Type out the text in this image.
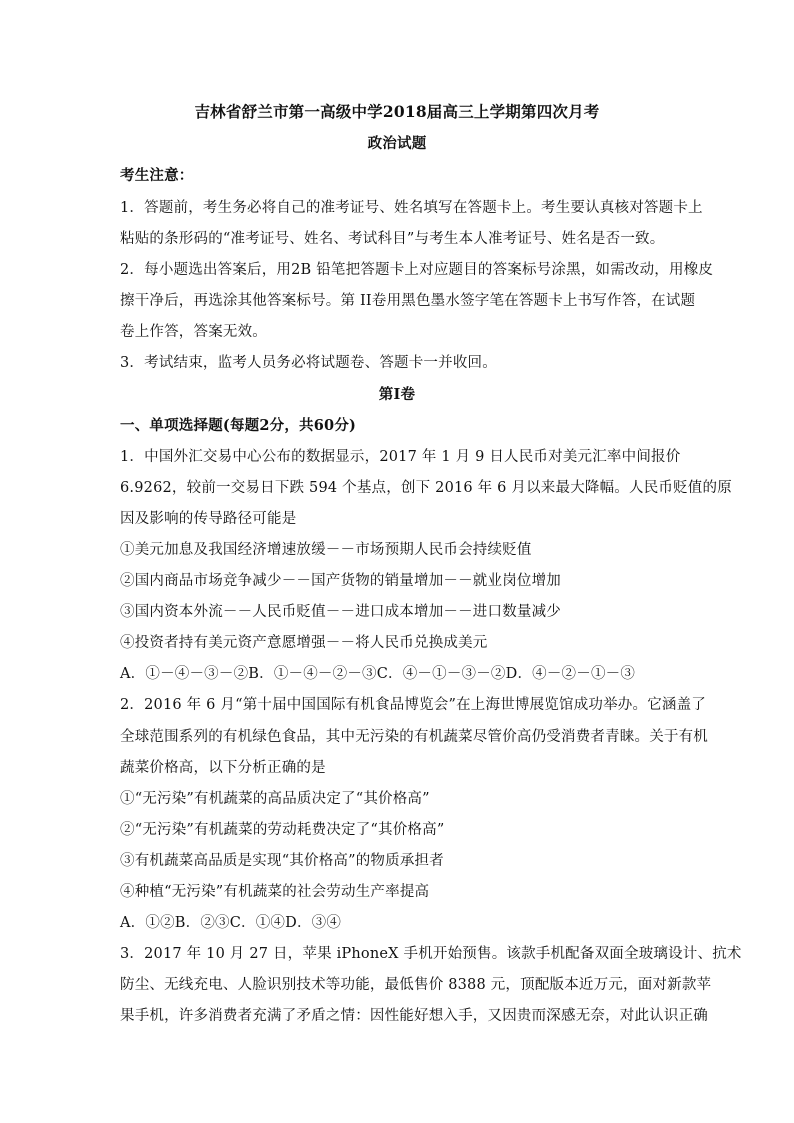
吉林省舒兰市第一高级中学2018届高三上学期第四次月考
政治试题
考生注意：
1．答题前，考生务必将自己的准考证号、姓名填写在答题卡上。考生要认真核对答题卡上
粘贴的条形码的“准考证号、姓名、考试科目”与考生本人准考证号、姓名是否一致。
2．每小题选出答案后，用2B 铅笔把答题卡上对应题目的答案标号涂黑，如需改动，用橡皮
擦干净后，再选涂其他答案标号。第 II卷用黑色墨水签字笔在答题卡上书写作答，在试题
卷上作答，答案无效。
3．考试结束，监考人员务必将试题卷、答题卡一并收回。
第Ⅰ卷
一、单项选择题(每题2分，共60分)
1．中国外汇交易中心公布的数据显示，2017 年 1 月 9 日人民币对美元汇率中间报价
6.9262，较前一交易日下跌 594 个基点，创下 2016 年 6 月以来最大降幅。人民币贬值的原
因及影响的传导路径可能是
①美元加息及我国经济增速放缓－－市场预期人民币会持续贬值
②国内商品市场竞争减少－－国产货物的销量增加－－就业岗位增加
③国内资本外流－－人民币贬值－－进口成本增加－－进口数量减少
④投资者持有美元资产意愿增强－－将人民币兑换成美元
A．①－④－③－②B．①－④－②－③C．④－①－③－②D．④－②－①－③
2．2016 年 6 月“第十届中国国际有机食品博览会”在上海世博展览馆成功举办。它涵盖了
全球范围系列的有机绿色食品，其中无污染的有机蔬菜尽管价高仍受消费者青睐。关于有机
蔬菜价格高，以下分析正确的是
①“无污染”有机蔬菜的高品质决定了“其价格高”
②“无污染”有机蔬菜的劳动耗费决定了“其价格高”
③有机蔬菜高品质是实现“其价格高”的物质承担者
④种植“无污染”有机蔬菜的社会劳动生产率提高
A．①②B．②③C．①④D．③④
3．2017 年 10 月 27 日，苹果 iPhoneX 手机开始预售。该款手机配备双面全玻璃设计、抗术
防尘、无线充电、人脸识别技术等功能，最低售价 8388 元，顶配版本近万元，面对新款苹
果手机，许多消费者充满了矛盾之情：因性能好想入手，又因贵而深感无奈，对此认识正确
